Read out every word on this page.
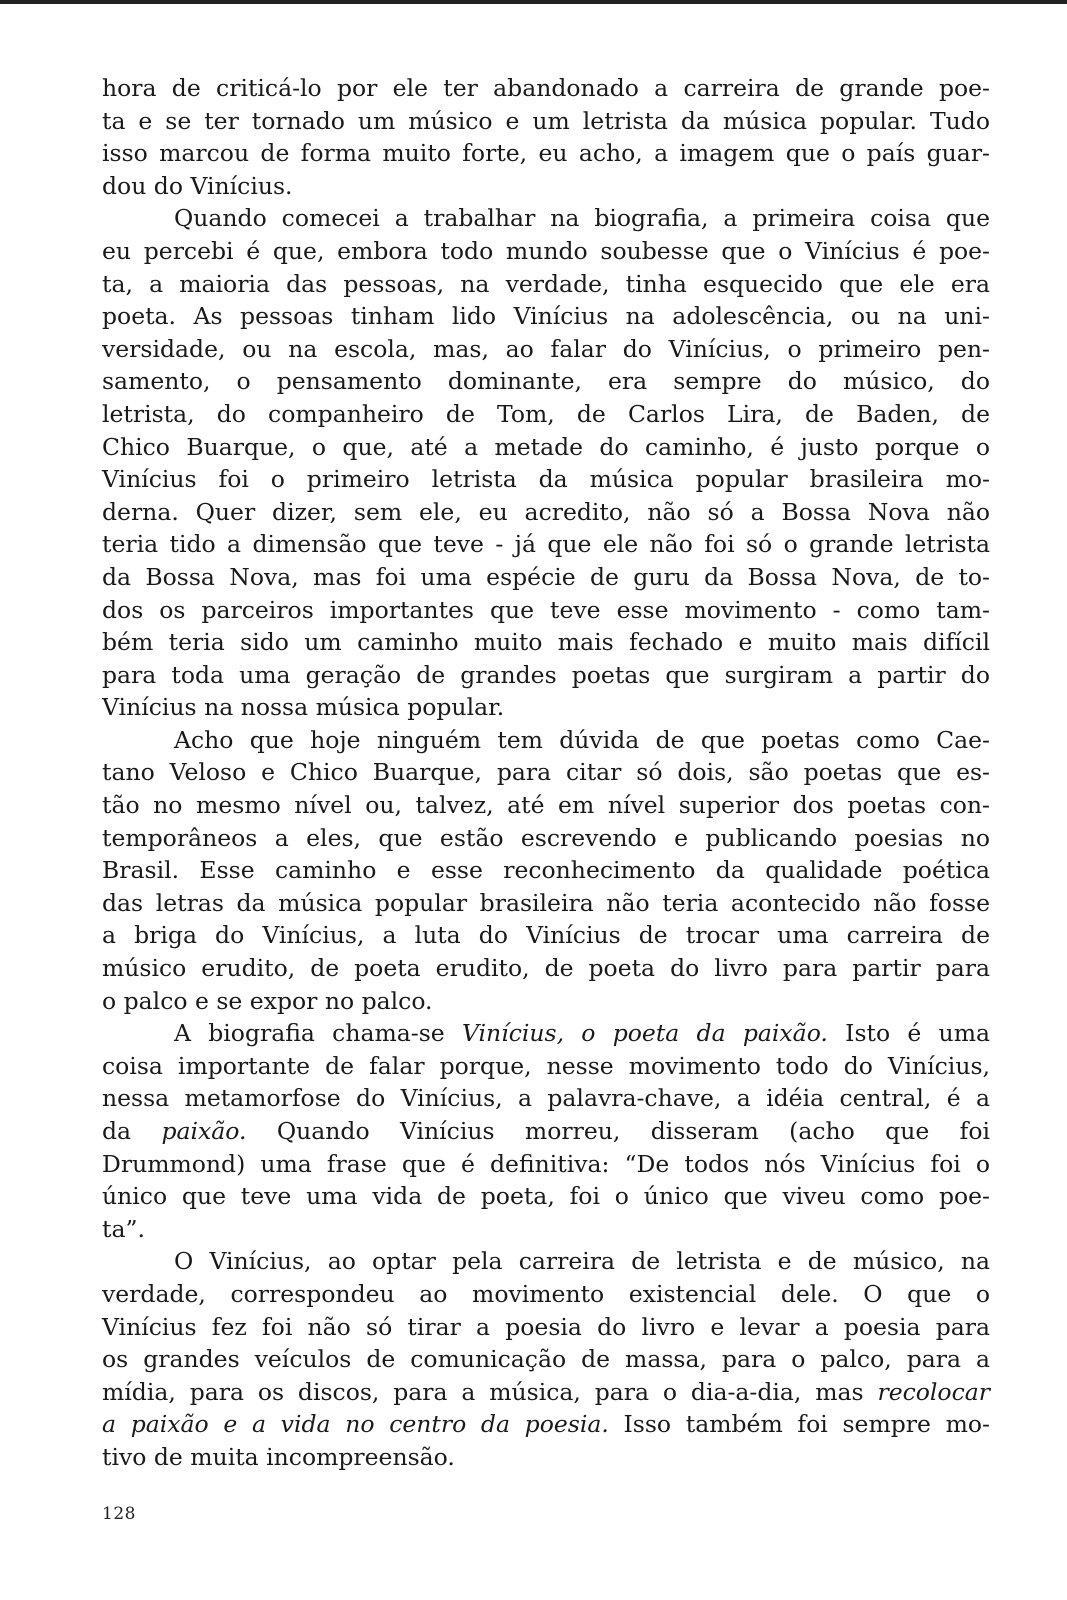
hora de criticá-lo por ele ter abandonado a carreira de grande poe-
ta e se ter tornado um músico e um letrista da música popular. Tudo
isso marcou de forma muito forte, eu acho, a imagem que o país guar-
dou do Vinícius.
Quando comecei a trabalhar na biografia, a primeira coisa que
eu percebi é que, embora todo mundo soubesse que o Vinícius é poe-
ta, a maioria das pessoas, na verdade, tinha esquecido que ele era
poeta. As pessoas tinham lido Vinícius na adolescência, ou na uni-
versidade, ou na escola, mas, ao falar do Vinícius, o primeiro pen-
samento, o pensamento dominante, era sempre do músico, do
letrista, do companheiro de Tom, de Carlos Lira, de Baden, de
Chico Buarque, o que, até a metade do caminho, é justo porque o
Vinícius foi o primeiro letrista da música popular brasileira mo-
derna. Quer dizer, sem ele, eu acredito, não só a Bossa Nova não
teria tido a dimensão que teve - já que ele não foi só o grande letrista
da Bossa Nova, mas foi uma espécie de guru da Bossa Nova, de to-
dos os parceiros importantes que teve esse movimento - como tam-
bém teria sido um caminho muito mais fechado e muito mais difícil
para toda uma geração de grandes poetas que surgiram a partir do
Vinícius na nossa música popular.
Acho que hoje ninguém tem dúvida de que poetas como Cae-
tano Veloso e Chico Buarque, para citar só dois, são poetas que es-
tão no mesmo nível ou, talvez, até em nível superior dos poetas con-
temporâneos a eles, que estão escrevendo e publicando poesias no
Brasil. Esse caminho e esse reconhecimento da qualidade poética
das letras da música popular brasileira não teria acontecido não fosse
a briga do Vinícius, a luta do Vinícius de trocar uma carreira de
músico erudito, de poeta erudito, de poeta do livro para partir para
o palco e se expor no palco.
A biografia chama-se Vinícius, o poeta da paixão. Isto é uma
coisa importante de falar porque, nesse movimento todo do Vinícius,
nessa metamorfose do Vinícius, a palavra-chave, a idéia central, é a
da paixão. Quando Vinícius morreu, disseram (acho que foi
Drummond) uma frase que é definitiva: “De todos nós Vinícius foi o
único que teve uma vida de poeta, foi o único que viveu como poe-
ta”.
O Vinícius, ao optar pela carreira de letrista e de músico, na
verdade, correspondeu ao movimento existencial dele. O que o
Vinícius fez foi não só tirar a poesia do livro e levar a poesia para
os grandes veículos de comunicação de massa, para o palco, para a
mídia, para os discos, para a música, para o dia-a-dia, mas recolocar
a paixão e a vida no centro da poesia. Isso também foi sempre mo-
tivo de muita incompreensão.
128
